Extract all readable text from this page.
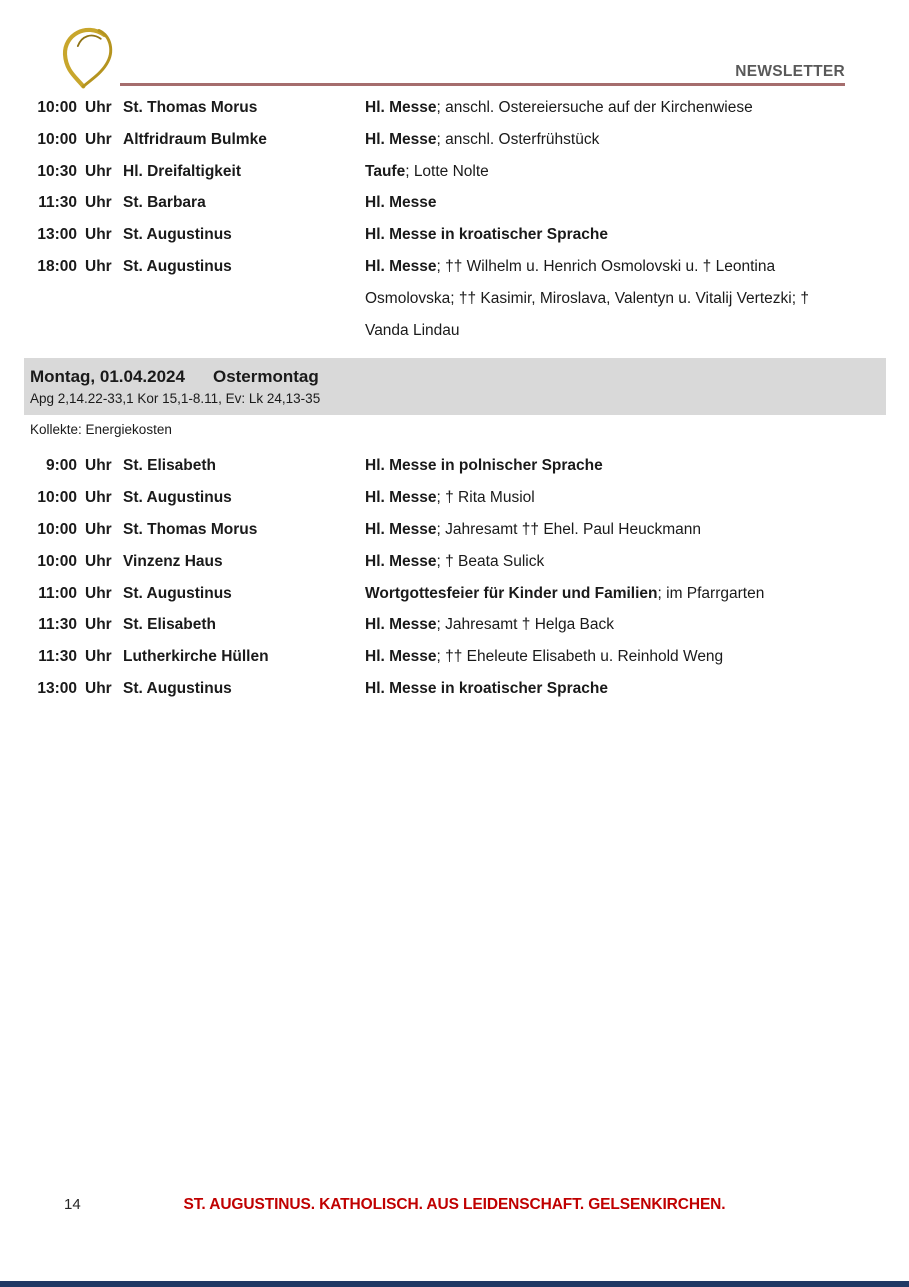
NEWSLETTER
10:00 Uhr St. Thomas Morus	Hl. Messe; anschl. Ostereiersuche auf der Kirchenwiese
10:00 Uhr Altfridraum Bulmke	Hl. Messe; anschl. Osterfrühstück
10:30 Uhr Hl. Dreifaltigkeit	Taufe; Lotte Nolte
11:30 Uhr St. Barbara	Hl. Messe
13:00 Uhr St. Augustinus	Hl. Messe in kroatischer Sprache
18:00 Uhr St. Augustinus	Hl. Messe; †† Wilhelm u. Henrich Osmolovski u. † Leontina Osmolovska; †† Kasimir, Miroslava, Valentyn u. Vitalij Vertezki; † Vanda Lindau
Montag, 01.04.2024 Ostermontag
Apg 2,14.22-33,1 Kor 15,1-8.11, Ev: Lk 24,13-35
Kollekte: Energiekosten
9:00 Uhr St. Elisabeth	Hl. Messe in polnischer Sprache
10:00 Uhr St. Augustinus	Hl. Messe; † Rita Musiol
10:00 Uhr St. Thomas Morus	Hl. Messe; Jahresamt †† Ehel. Paul Heuckmann
10:00 Uhr Vinzenz Haus	Hl. Messe; † Beata Sulick
11:00 Uhr St. Augustinus	Wortgottesfeier für Kinder und Familien; im Pfarrgarten
11:30 Uhr St. Elisabeth	Hl. Messe; Jahresamt † Helga Back
11:30 Uhr Lutherkirche Hüllen	Hl. Messe; †† Eheleute Elisabeth u. Reinhold Weng
13:00 Uhr St. Augustinus	Hl. Messe in kroatischer Sprache
14	ST. AUGUSTINUS. KATHOLISCH. AUS LEIDENSCHAFT. GELSENKIRCHEN.
